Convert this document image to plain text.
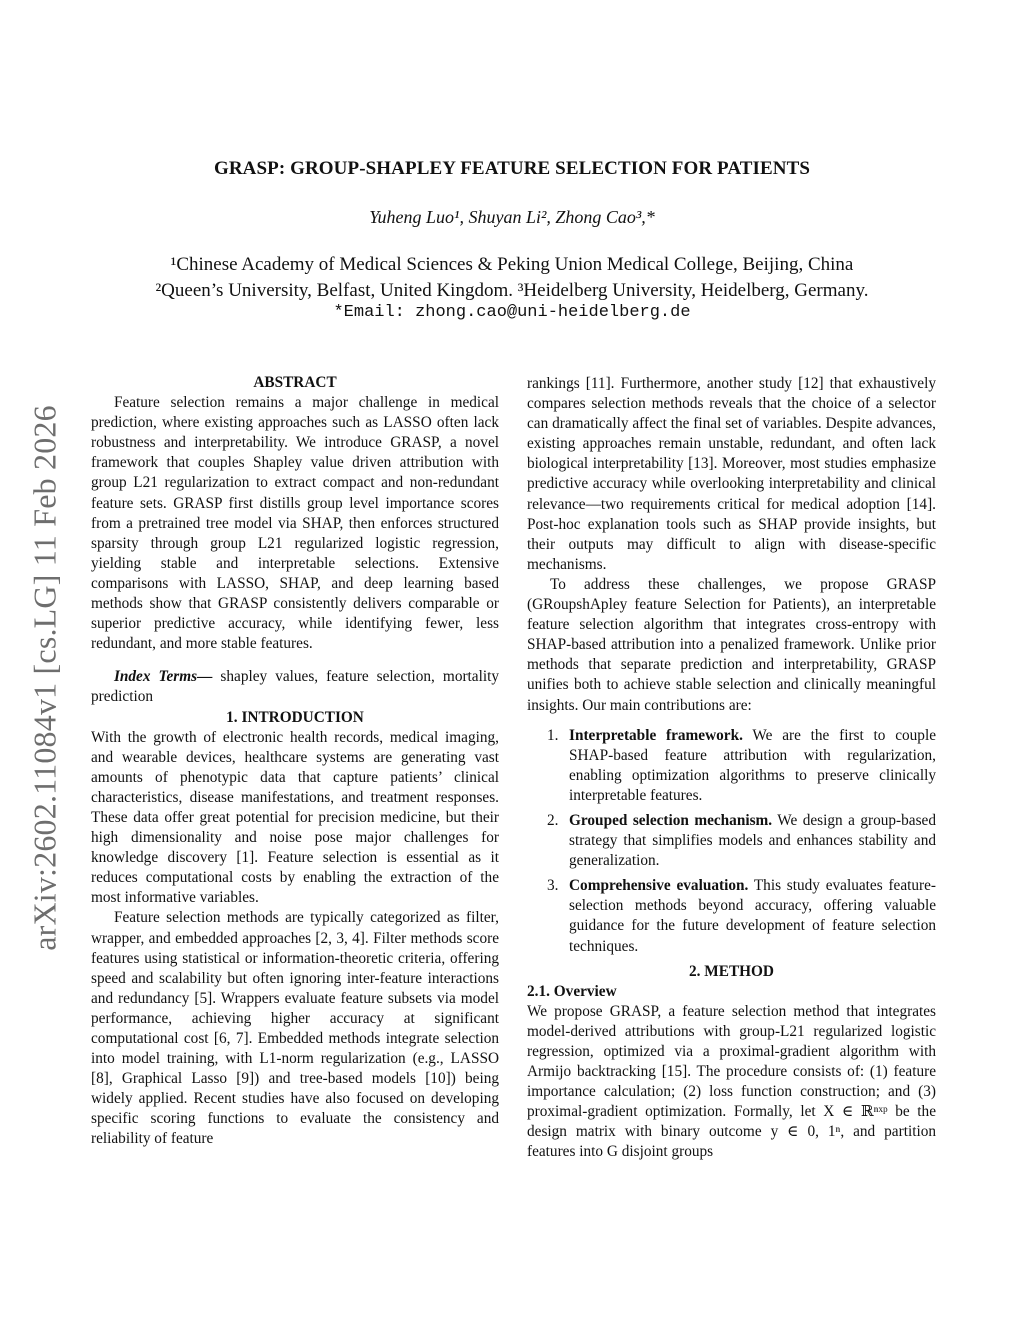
arXiv:2602.11084v1 [cs.LG] 11 Feb 2026
GRASP: GROUP-SHAPLEY FEATURE SELECTION FOR PATIENTS
Yuheng Luo¹, Shuyan Li², Zhong Cao³,*
¹Chinese Academy of Medical Sciences & Peking Union Medical College, Beijing, China
²Queen’s University, Belfast, United Kingdom. ³Heidelberg University, Heidelberg, Germany.
*Email: zhong.cao@uni-heidelberg.de

ABSTRACT

Feature selection remains a major challenge in medical prediction, where existing approaches such as LASSO often lack robustness and interpretability. We introduce GRASP, a novel framework that couples Shapley value driven attribution with group L21 regularization to extract compact and non-redundant feature sets. GRASP first distills group level importance scores from a pretrained tree model via SHAP, then enforces structured sparsity through group L21 regularized logistic regression, yielding stable and interpretable selections. Extensive comparisons with LASSO, SHAP, and deep learning based methods show that GRASP consistently delivers comparable or superior predictive accuracy, while identifying fewer, less redundant, and more stable features.

Index Terms— shapley values, feature selection, mortality prediction

1. INTRODUCTION

With the growth of electronic health records, medical imaging, and wearable devices, healthcare systems are generating vast amounts of phenotypic data that capture patients’ clinical characteristics, disease manifestations, and treatment responses. These data offer great potential for precision medicine, but their high dimensionality and noise pose major challenges for knowledge discovery [1]. Feature selection is essential as it reduces computational costs by enabling the extraction of the most informative variables.

Feature selection methods are typically categorized as filter, wrapper, and embedded approaches [2, 3, 4]. Filter methods score features using statistical or information-theoretic criteria, offering speed and scalability but often ignoring inter-feature interactions and redundancy [5]. Wrappers evaluate feature subsets via model performance, achieving higher accuracy at significant computational cost [6, 7]. Embedded methods integrate selection into model training, with L1-norm regularization (e.g., LASSO [8], Graphical Lasso [9]) and tree-based models [10]) being widely applied. Recent studies have also focused on developing specific scoring functions to evaluate the consistency and reliability of feature

rankings [11]. Furthermore, another study [12] that exhaustively compares selection methods reveals that the choice of a selector can dramatically affect the final set of variables. Despite advances, existing approaches remain unstable, redundant, and often lack biological interpretability [13]. Moreover, most studies emphasize predictive accuracy while overlooking interpretability and clinical relevance—two requirements critical for medical adoption [14]. Post-hoc explanation tools such as SHAP provide insights, but their outputs may difficult to align with disease-specific mechanisms.

To address these challenges, we propose GRASP (GRoupshApley feature Selection for Patients), an interpretable feature selection algorithm that integrates cross-entropy with SHAP-based attribution into a penalized framework. Unlike prior methods that separate prediction and interpretability, GRASP unifies both to achieve stable selection and clinically meaningful insights. Our main contributions are:

1. Interpretable framework. We are the first to couple SHAP-based feature attribution with regularization, enabling optimization algorithms to preserve clinically interpretable features.
2. Grouped selection mechanism. We design a group-based strategy that simplifies models and enhances stability and generalization.
3. Comprehensive evaluation. This study evaluates feature-selection methods beyond accuracy, offering valuable guidance for the future development of feature selection techniques.

2. METHOD

2.1. Overview

We propose GRASP, a feature selection method that integrates model-derived attributions with group-L21 regularized logistic regression, optimized via a proximal-gradient algorithm with Armijo backtracking [15]. The procedure consists of: (1) feature importance calculation; (2) loss function construction; and (3) proximal-gradient optimization. Formally, let X ∈ ℝⁿˣᵖ be the design matrix with binary outcome y ∈ 0, 1ⁿ, and partition features into G disjoint groups
